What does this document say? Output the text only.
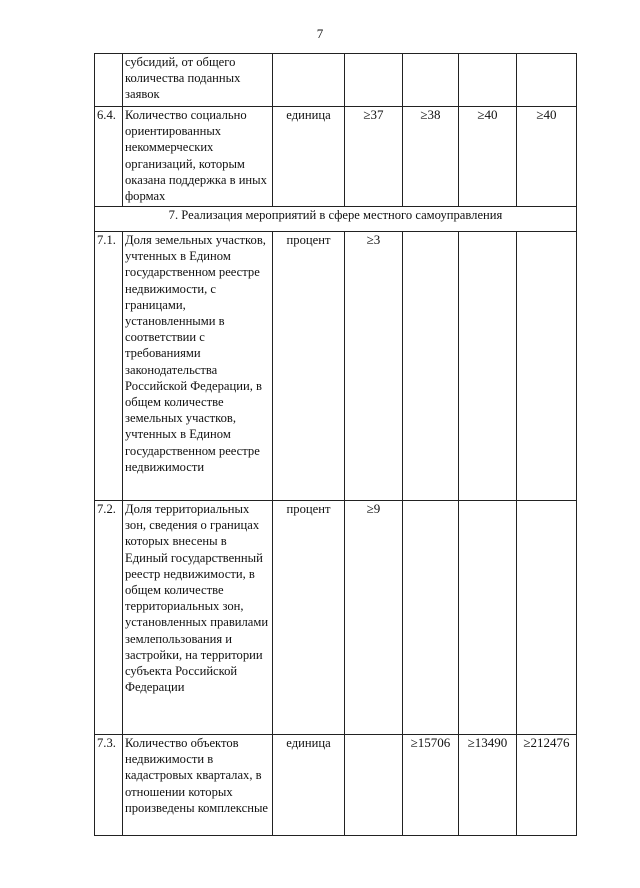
7
	субсидий, от общего количества поданных заявок					
6.4.	Количество социально ориентированных некоммерческих организаций, которым оказана поддержка в иных формах	единица	≥37	≥38	≥40	≥40
7. Реализация мероприятий в сфере местного самоуправления						
7.1.	Доля земельных участков, учтенных в Едином государственном реестре недвижимости, с границами, установленными в соответствии с требованиями законодательства Российской Федерации, в общем количестве земельных участков, учтенных в Едином государственном реестре недвижимости	процент	≥3			
7.2.	Доля территориальных зон, сведения о границах которых внесены в Единый государственный реестр недвижимости, в общем количестве территориальных зон, установленных правилами землепользования и застройки, на территории субъекта Российской Федерации	процент	≥9			
7.3.	Количество объектов недвижимости в кадастровых кварталах, в отношении которых произведены комплексные	единица		≥15706	≥13490	≥212476
